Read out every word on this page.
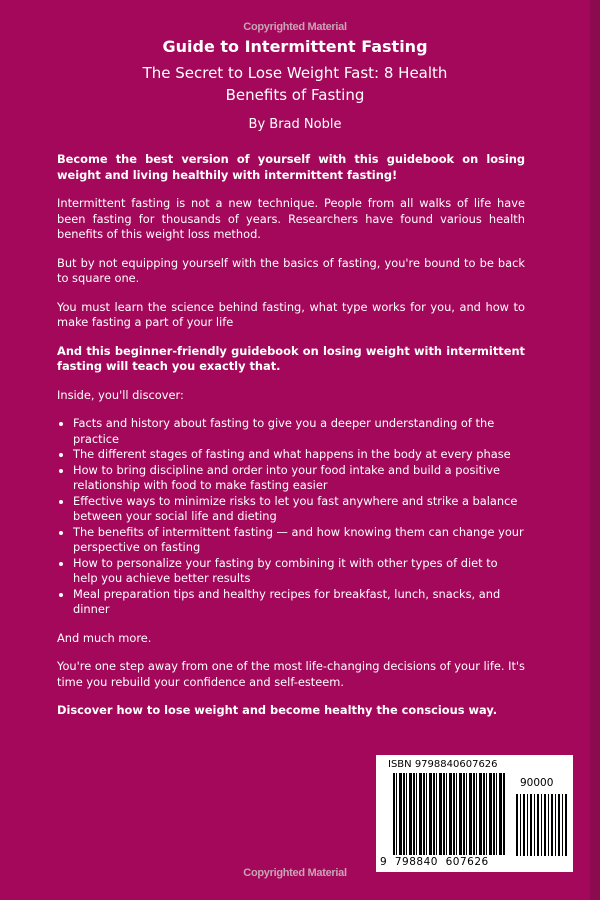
Copyrighted Material
Guide to Intermittent Fasting
The Secret to Lose Weight Fast: 8 Health
Benefits of Fasting
By Brad Noble

Become the best version of yourself with this guidebook on losing weight and living healthily with intermittent fasting!

Intermittent fasting is not a new technique. People from all walks of life have been fasting for thousands of years. Researchers have found various health benefits of this weight loss method.

But by not equipping yourself with the basics of fasting, you're bound to be back to square one.

You must learn the science behind fasting, what type works for you, and how to make fasting a part of your life

And this beginner-friendly guidebook on losing weight with intermittent fasting will teach you exactly that.

Inside, you'll discover:

• Facts and history about fasting to give you a deeper understanding of the practice
• The different stages of fasting and what happens in the body at every phase
• How to bring discipline and order into your food intake and build a positive relationship with food to make fasting easier
• Effective ways to minimize risks to let you fast anywhere and strike a balance between your social life and dieting
• The benefits of intermittent fasting — and how knowing them can change your perspective on fasting
• How to personalize your fasting by combining it with other types of diet to help you achieve better results
• Meal preparation tips and healthy recipes for breakfast, lunch, snacks, and dinner

And much more.

You're one step away from one of the most life-changing decisions of your life. It's time you rebuild your confidence and self-esteem.

Discover how to lose weight and become healthy the conscious way.

ISBN 9798840607626
90000
9  798840  607626
Copyrighted Material
